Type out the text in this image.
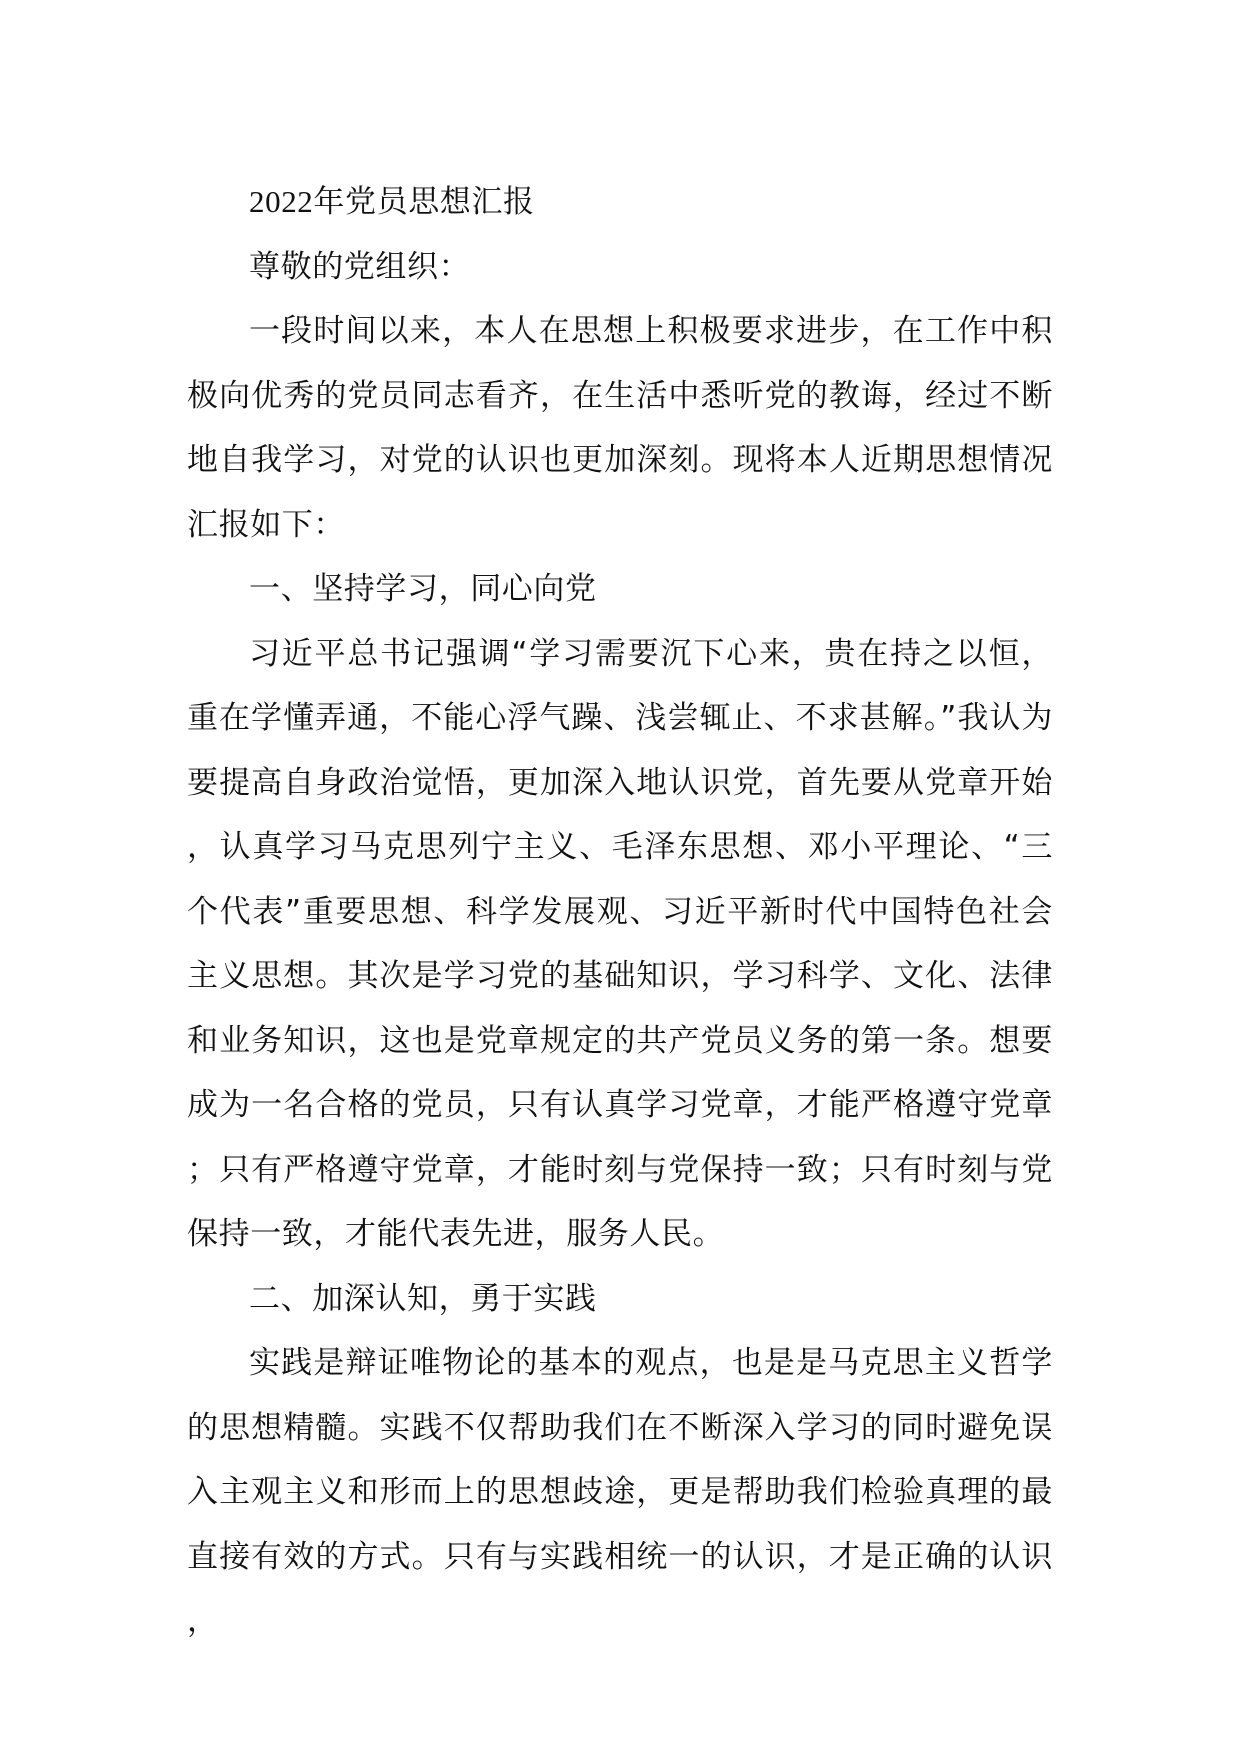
2022年党员思想汇报

尊敬的党组织：

一段时间以来，本人在思想上积极要求进步，在工作中积极向优秀的党员同志看齐，在生活中悉听党的教诲，经过不断地自我学习，对党的认识也更加深刻。现将本人近期思想情况汇报如下：

一、坚持学习，同心向党

习近平总书记强调“学习需要沉下心来，贵在持之以恒，重在学懂弄通，不能心浮气躁、浅尝辄止、不求甚解。”我认为要提高自身政治觉悟，更加深入地认识党，首先要从党章开始，认真学习马克思列宁主义、毛泽东思想、邓小平理论、“三个代表”重要思想、科学发展观、习近平新时代中国特色社会主义思想。其次是学习党的基础知识，学习科学、文化、法律和业务知识，这也是党章规定的共产党员义务的第一条。想要成为一名合格的党员，只有认真学习党章，才能严格遵守党章；只有严格遵守党章，才能时刻与党保持一致；只有时刻与党保持一致，才能代表先进，服务人民。

二、加深认知，勇于实践

实践是辩证唯物论的基本的观点，也是是马克思主义哲学的思想精髓。实践不仅帮助我们在不断深入学习的同时避免误入主观主义和形而上的思想歧途，更是帮助我们检验真理的最直接有效的方式。只有与实践相统一的认识，才是正确的认识，
